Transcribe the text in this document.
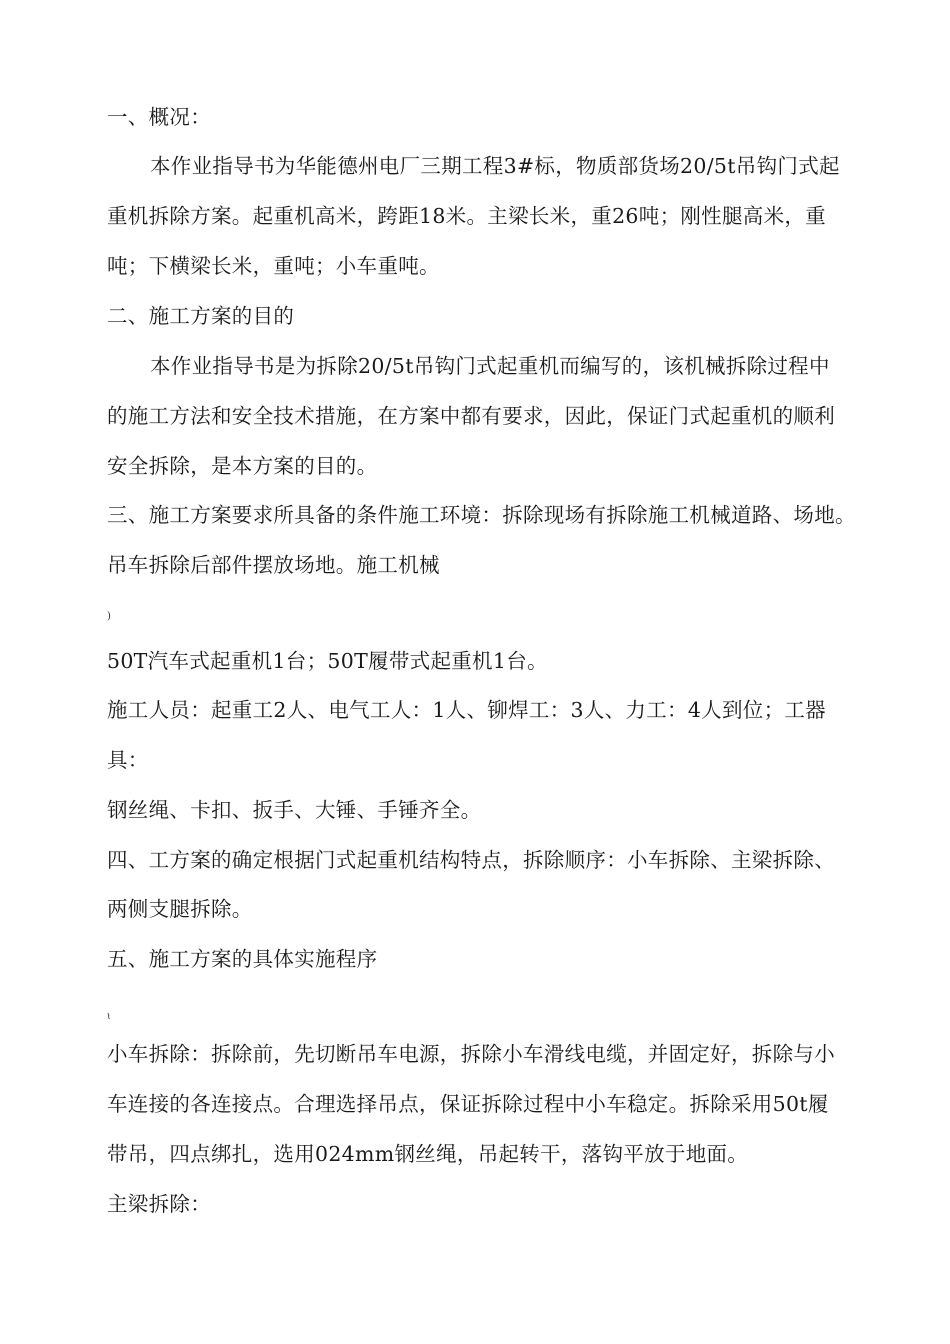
一、概况：
本作业指导书为华能德州电厂三期工程3#标，物质部货场20/5t吊钩门式起
重机拆除方案。起重机高米，跨距18米。主梁长米，重26吨；刚性腿高米，重
吨；下横梁长米，重吨；小车重吨。
二、施工方案的目的
本作业指导书是为拆除20/5t吊钩门式起重机而编写的，该机械拆除过程中
的施工方法和安全技术措施，在方案中都有要求，因此，保证门式起重机的顺利
安全拆除，是本方案的目的。
三、施工方案要求所具备的条件施工环境：拆除现场有拆除施工机械道路、场地。
吊车拆除后部件摆放场地。施工机械
)
50T汽车式起重机1台；50T履带式起重机1台。
施工人员：起重工2人、电气工人：1人、铆焊工：3人、力工：4人到位；工器
具：
钢丝绳、卡扣、扳手、大锤、手锤齐全。
四、工方案的确定根据门式起重机结构特点，拆除顺序：小车拆除、主梁拆除、
两侧支腿拆除。
五、施工方案的具体实施程序
ɩ
小车拆除：拆除前，先切断吊车电源，拆除小车滑线电缆，并固定好，拆除与小
车连接的各连接点。合理选择吊点，保证拆除过程中小车稳定。拆除采用50t履
带吊，四点绑扎，选用024mm钢丝绳，吊起转干，落钩平放于地面。
主梁拆除：
